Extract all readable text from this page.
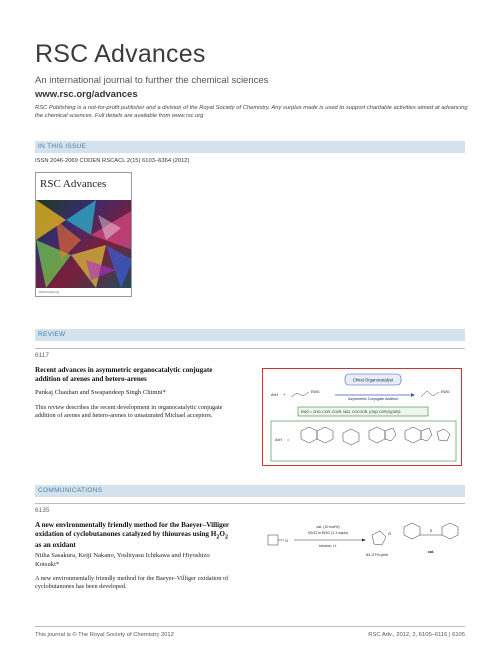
RSC Advances
An international journal to further the chemical sciences
www.rsc.org/advances
RSC Publishing is a not-for-profit publisher and a division of the Royal Society of Chemistry. Any surplus made is used to support charitable activities aimed at advancing the chemical sciences. Full details are available from www.rsc.org
IN THIS ISSUE
ISSN 2046-2069 CODEN RSCACL 2(15) 6103–6364 (2012)
RSC Advances
RSCPublishing
REVIEW
6117
Recent advances in asymmetric organocatalytic conjugate addition of arenes and hetero-arenes
Pankaj Chauhan and Swapandeep Singh Chimni*
This review describes the recent development in organocatalytic conjugate addition of arenes and hetero-arenes to unsaturated Michael acceptors.
Chiral Organocatalyst
ArH +	EWG
Asymmetric Conjugate Addition
EWG
EWG = CHO, COR, CO2R, NO2, COCOOR, (CN)2 COP(O)(OR)2
ArH =
COMMUNICATIONS
6135
A new environmentally friendly method for the Baeyer–Villiger oxidation of cyclobutanones catalyzed by thioureas using $H_2O_2$ as an oxidant
Niiha Sasakura, Keiji Nakano, Yoshiyasu Ichikawa and Hiyoshizo Kotsuki*
A new environmentally friendly method for the Baeyer–Villiger oxidation of cyclobutanones has been developed.
O
cat. (10 mol%)
H2O2 in Et2O (1.1 equiv)
toluene, r.t.
O
83–97% yield
S
cat.
This journal is © The Royal Society of Chemistry 2012	RSC Adv., 2012, 2, 6105–6116 | 6105
